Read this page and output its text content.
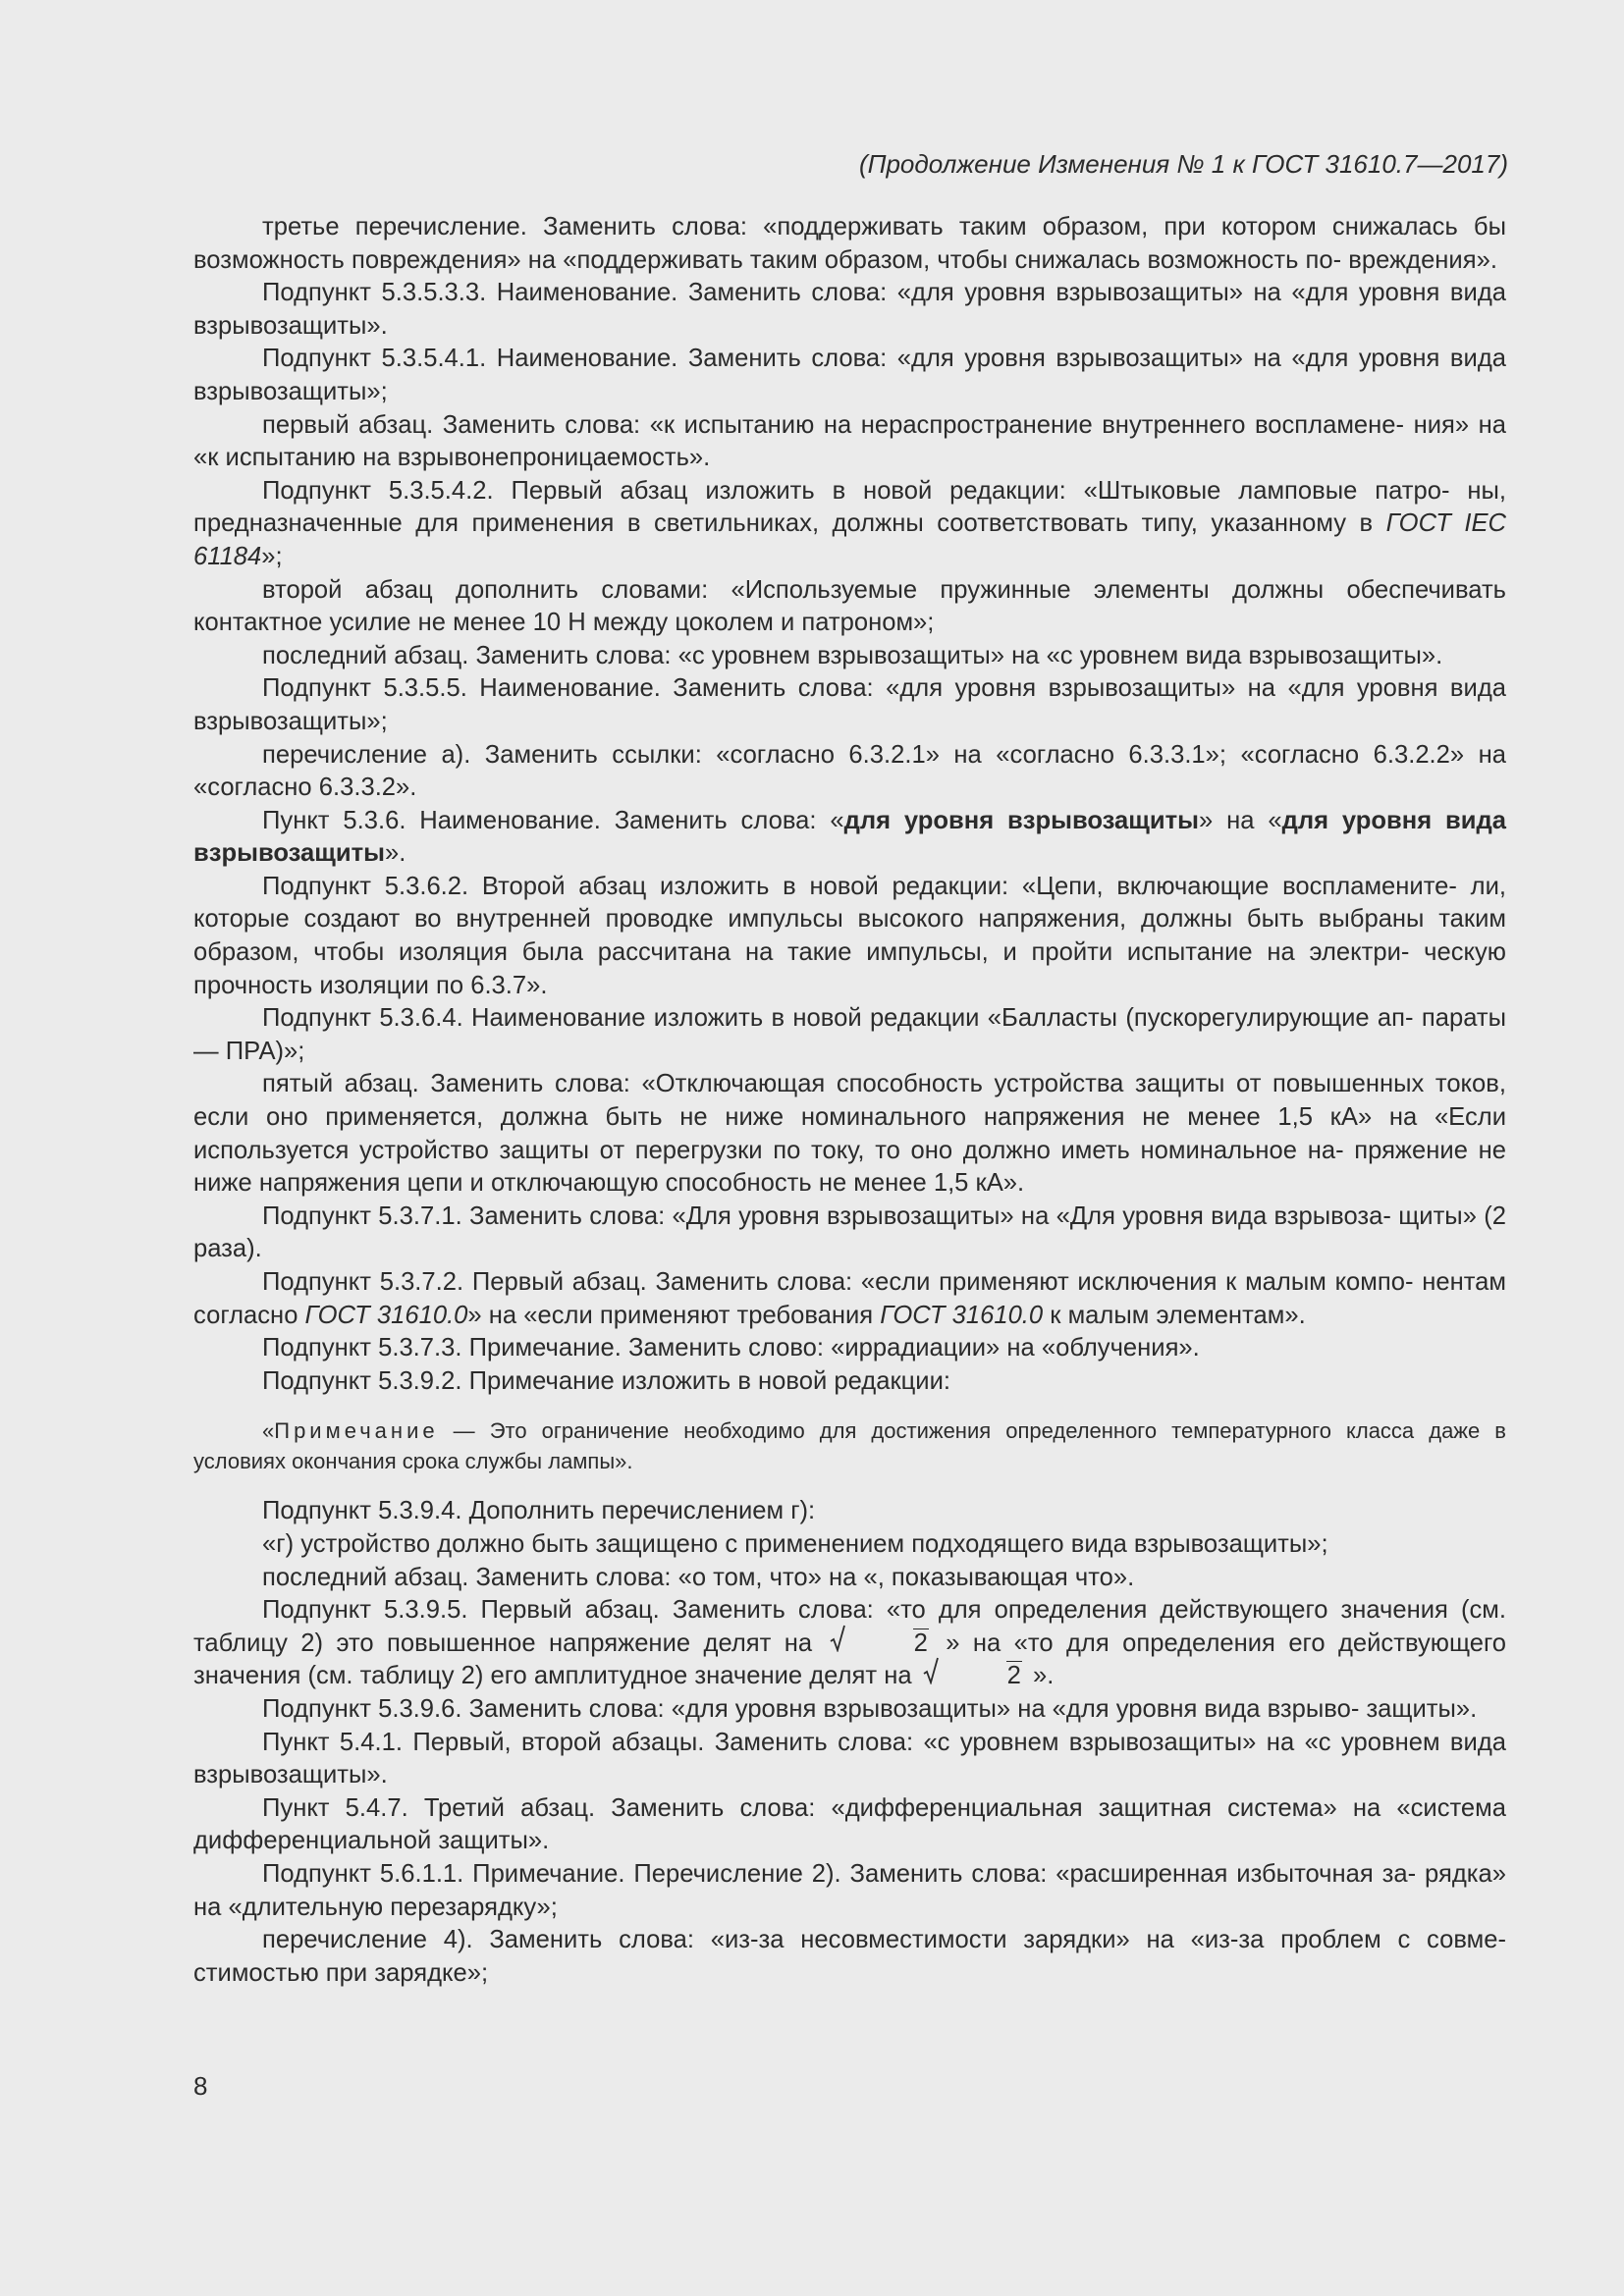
(Продолжение Изменения № 1 к ГОСТ 31610.7—2017)

третье перечисление. Заменить слова: «поддерживать таким образом, при котором снижалась бы возможность повреждения» на «поддерживать таким образом, чтобы снижалась возможность по- вреждения».

Подпункт 5.3.5.3.3. Наименование. Заменить слова: «для уровня взрывозащиты» на «для уровня вида взрывозащиты».

Подпункт 5.3.5.4.1. Наименование. Заменить слова: «для уровня взрывозащиты» на «для уровня вида взрывозащиты»;

первый абзац. Заменить слова: «к испытанию на нераспространение внутреннего воспламене- ния» на «к испытанию на взрывонепроницаемость».

Подпункт 5.3.5.4.2. Первый абзац изложить в новой редакции: «Штыковые ламповые патро- ны, предназначенные для применения в светильниках, должны соответствовать типу, указанному в ГОСТ IEC 61184»;

второй абзац дополнить словами: «Используемые пружинные элементы должны обеспечивать контактное усилие не менее 10 Н между цоколем и патроном»;

последний абзац. Заменить слова: «с уровнем взрывозащиты» на «с уровнем вида взрывозащиты».

Подпункт 5.3.5.5. Наименование. Заменить слова: «для уровня взрывозащиты» на «для уровня вида взрывозащиты»;

перечисление а). Заменить ссылки: «согласно 6.3.2.1» на «согласно 6.3.3.1»; «согласно 6.3.2.2» на «согласно 6.3.3.2».

Пункт 5.3.6. Наименование. Заменить слова: «для уровня взрывозащиты» на «для уровня вида взрывозащиты».

Подпункт 5.3.6.2. Второй абзац изложить в новой редакции: «Цепи, включающие воспламените- ли, которые создают во внутренней проводке импульсы высокого напряжения, должны быть выбраны таким образом, чтобы изоляция была рассчитана на такие импульсы, и пройти испытание на электри- ческую прочность изоляции по 6.3.7».

Подпункт 5.3.6.4. Наименование изложить в новой редакции «Балласты (пускорегулирующие ап- параты — ПРА)»;

пятый абзац. Заменить слова: «Отключающая способность устройства защиты от повышенных токов, если оно применяется, должна быть не ниже номинального напряжения не менее 1,5 кА» на «Если используется устройство защиты от перегрузки по току, то оно должно иметь номинальное на- пряжение не ниже напряжения цепи и отключающую способность не менее 1,5 кА».

Подпункт 5.3.7.1. Заменить слова: «Для уровня взрывозащиты» на «Для уровня вида взрывоза- щиты» (2 раза).

Подпункт 5.3.7.2. Первый абзац. Заменить слова: «если применяют исключения к малым компо- нентам согласно ГОСТ 31610.0» на «если применяют требования ГОСТ 31610.0 к малым элементам».

Подпункт 5.3.7.3. Примечание. Заменить слово: «иррадиации» на «облучения».

Подпункт 5.3.9.2. Примечание изложить в новой редакции:

«Примечание — Это ограничение необходимо для достижения определенного температурного класса даже в условиях окончания срока службы лампы».

Подпункт 5.3.9.4. Дополнить перечислением г):

«г) устройство должно быть защищено с применением подходящего вида взрывозащиты»;

последний абзац. Заменить слова: «о том, что» на «, показывающая что».

Подпункт 5.3.9.5. Первый абзац. Заменить слова: «то для определения действующего значения (см. таблицу 2) это повышенное напряжение делят на	2 » на «то для определения его действующего значения (см. таблицу 2) его амплитудное значение делят на	2 ».

Подпункт 5.3.9.6. Заменить слова: «для уровня взрывозащиты» на «для уровня вида взрыво- защиты».

Пункт 5.4.1. Первый, второй абзацы. Заменить слова: «с уровнем взрывозащиты» на «с уровнем вида взрывозащиты».

Пункт 5.4.7. Третий абзац. Заменить слова: «дифференциальная защитная система» на «система дифференциальной защиты».

Подпункт 5.6.1.1. Примечание. Перечисление 2). Заменить слова: «расширенная избыточная за- рядка» на «длительную перезарядку»;

перечисление 4). Заменить слова: «из-за несовместимости зарядки» на «из-за проблем с совме- стимостью при зарядке»;

8
